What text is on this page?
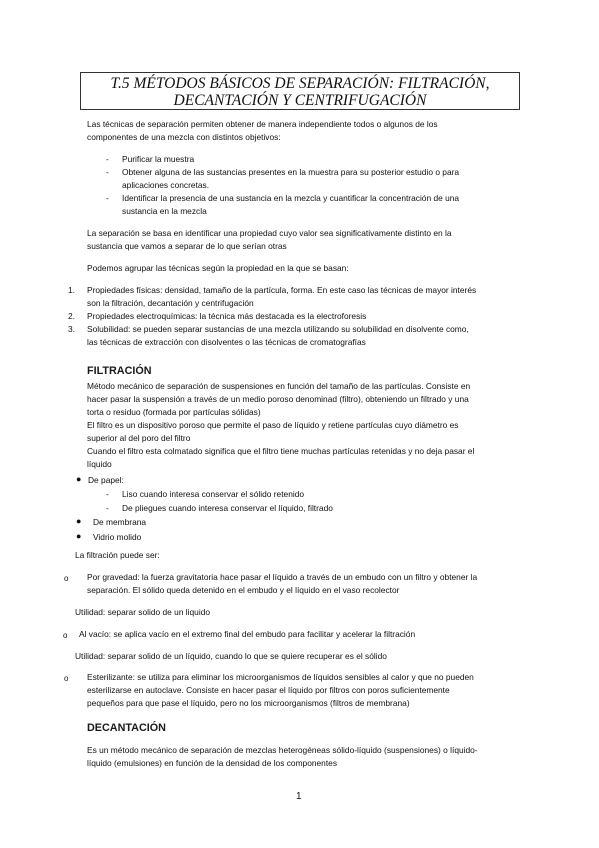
T.5 MÉTODOS BÁSICOS DE SEPARACIÓN: FILTRACIÓN,
DECANTACIÓN Y CENTRIFUGACIÓN
Las técnicas de separación permiten obtener de manera independiente todos o algunos de los
componentes de una mezcla con distintos objetivos:
-	Purificar la muestra
-	Obtener alguna de las sustancias presentes en la muestra para su posterior estudio o para
aplicaciones concretas.
-	Identificar la presencia de una sustancia en la mezcla y cuantificar la concentración de una
sustancia en la mezcla
La separación se basa en identificar una propiedad cuyo valor sea significativamente distinto en la
sustancia que vamos a separar de lo que serían otras
Podemos agrupar las técnicas según la propiedad en la que se basan:
1. Propiedades físicas: densidad, tamaño de la partícula, forma. En este caso las técnicas de mayor interés
son la filtración, decantación y centrifugación
2. Propiedades electroquímicas: la técnica más destacada es la electroforesis
3. Solubilidad: se pueden separar sustancias de una mezcla utilizando su solubilidad en disolvente como,
las técnicas de extracción con disolventes o las técnicas de cromatografías
FILTRACIÓN
Método mecánico de separación de suspensiones en función del tamaño de las partículas. Consiste en
hacer pasar la suspensión a través de un medio poroso denominad (filtro), obteniendo un filtrado y una
torta o residuo (formada por partículas sólidas)
El filtro es un dispositivo poroso que permite el paso de líquido y retiene partículas cuyo diámetro es
superior al del poro del filtro
Cuando el filtro esta colmatado significa que el filtro tiene muchas partículas retenidas y no deja pasar el
líquido
● De papel:
-	Liso cuando interesa conservar el sólido retenido
-	De pliegues cuando interesa conservar el líquido, filtrado
● De membrana
● Vidrio molido
La filtración puede ser:
o Por gravedad: la fuerza gravitatoria hace pasar el líquido a través de un embudo con un filtro y obtener la
separación. El sólido queda detenido en el embudo y el líquido en el vaso recolector
Utilidad: separar solido de un liquido
o Al vacío: se aplica vacío en el extremo final del embudo para facilitar y acelerar la filtración
Utilidad: separar solido de un líquido, cuando lo que se quiere recuperar es el sólido
o Esterilizante: se utiliza para eliminar los microorganismos de líquidos sensibles al calor y que no pueden
esterilizarse en autoclave. Consiste en hacer pasar el líquido por filtros con poros suficientemente
pequeños para que pase el líquido, pero no los microorganismos (filtros de membrana)
DECANTACIÓN
Es un método mecánico de separación de mezclas heterogéneas sólido-líquido (suspensiones) o líquido-
líquido (emulsiones) en función de la densidad de los componentes
1
